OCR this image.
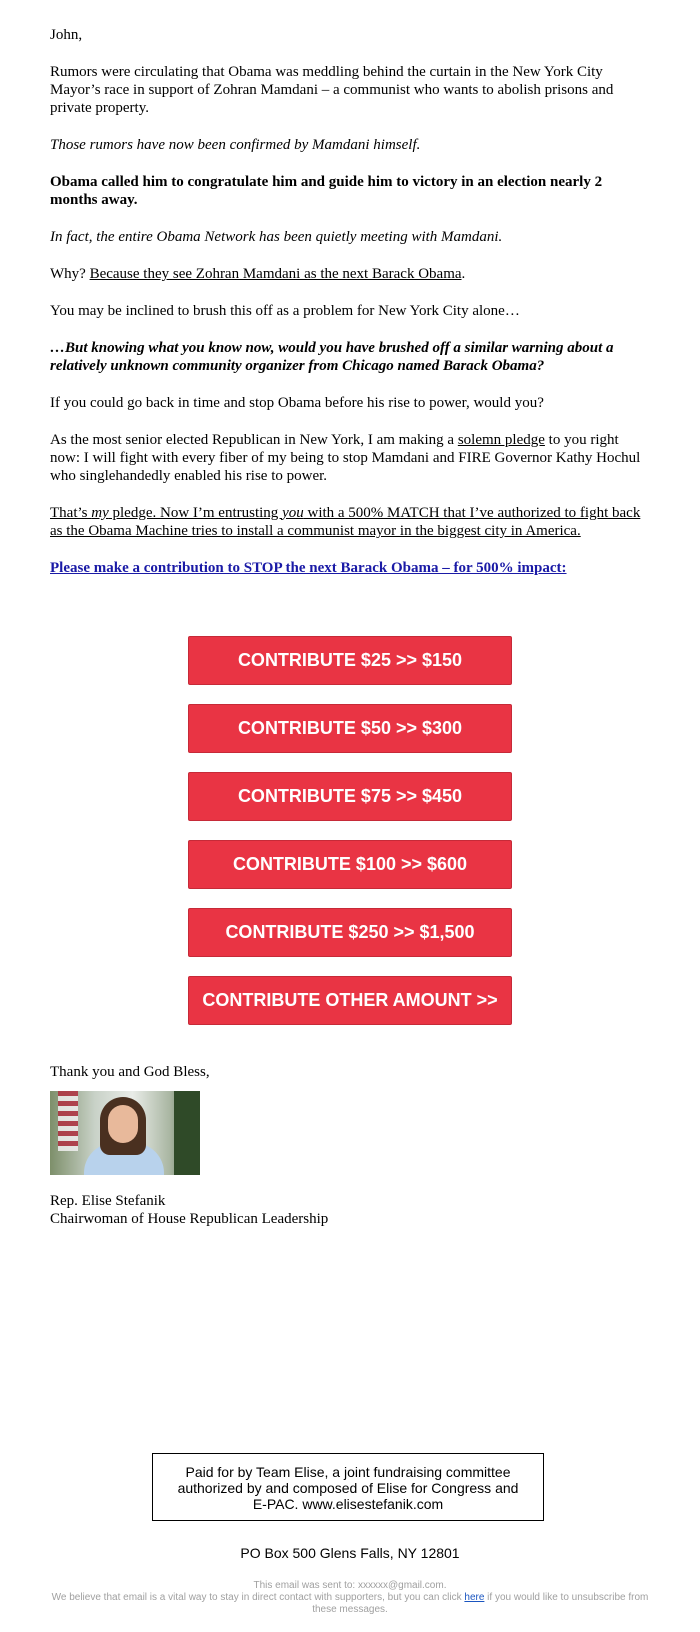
John,

Rumors were circulating that Obama was meddling behind the curtain in the New York City Mayor’s race in support of Zohran Mamdani – a communist who wants to abolish prisons and private property.

Those rumors have now been confirmed by Mamdani himself.

Obama called him to congratulate him and guide him to victory in an election nearly 2 months away.

In fact, the entire Obama Network has been quietly meeting with Mamdani.

Why? Because they see Zohran Mamdani as the next Barack Obama.

You may be inclined to brush this off as a problem for New York City alone…

…But knowing what you know now, would you have brushed off a similar warning about a relatively unknown community organizer from Chicago named Barack Obama?

If you could go back in time and stop Obama before his rise to power, would you?

As the most senior elected Republican in New York, I am making a solemn pledge to you right now: I will fight with every fiber of my being to stop Mamdani and FIRE Governor Kathy Hochul who singlehandedly enabled his rise to power.

That’s my pledge. Now I’m entrusting you with a 500% MATCH that I’ve authorized to fight back as the Obama Machine tries to install a communist mayor in the biggest city in America.

Please make a contribution to STOP the next Barack Obama – for 500% impact:

CONTRIBUTE $25 >> $150
CONTRIBUTE $50 >> $300
CONTRIBUTE $75 >> $450
CONTRIBUTE $100 >> $600
CONTRIBUTE $250 >> $1,500
CONTRIBUTE OTHER AMOUNT >>
Thank you and God Bless,
Rep. Elise Stefanik
Chairwoman of House Republican Leadership
Paid for by Team Elise, a joint fundraising committee authorized by and composed of Elise for Congress and E-PAC. www.elisestefanik.com
PO Box 500 Glens Falls, NY 12801
This email was sent to: xxxxxx@gmail.com.
We believe that email is a vital way to stay in direct contact with supporters, but you can click here if you would like to unsubscribe from these messages.
